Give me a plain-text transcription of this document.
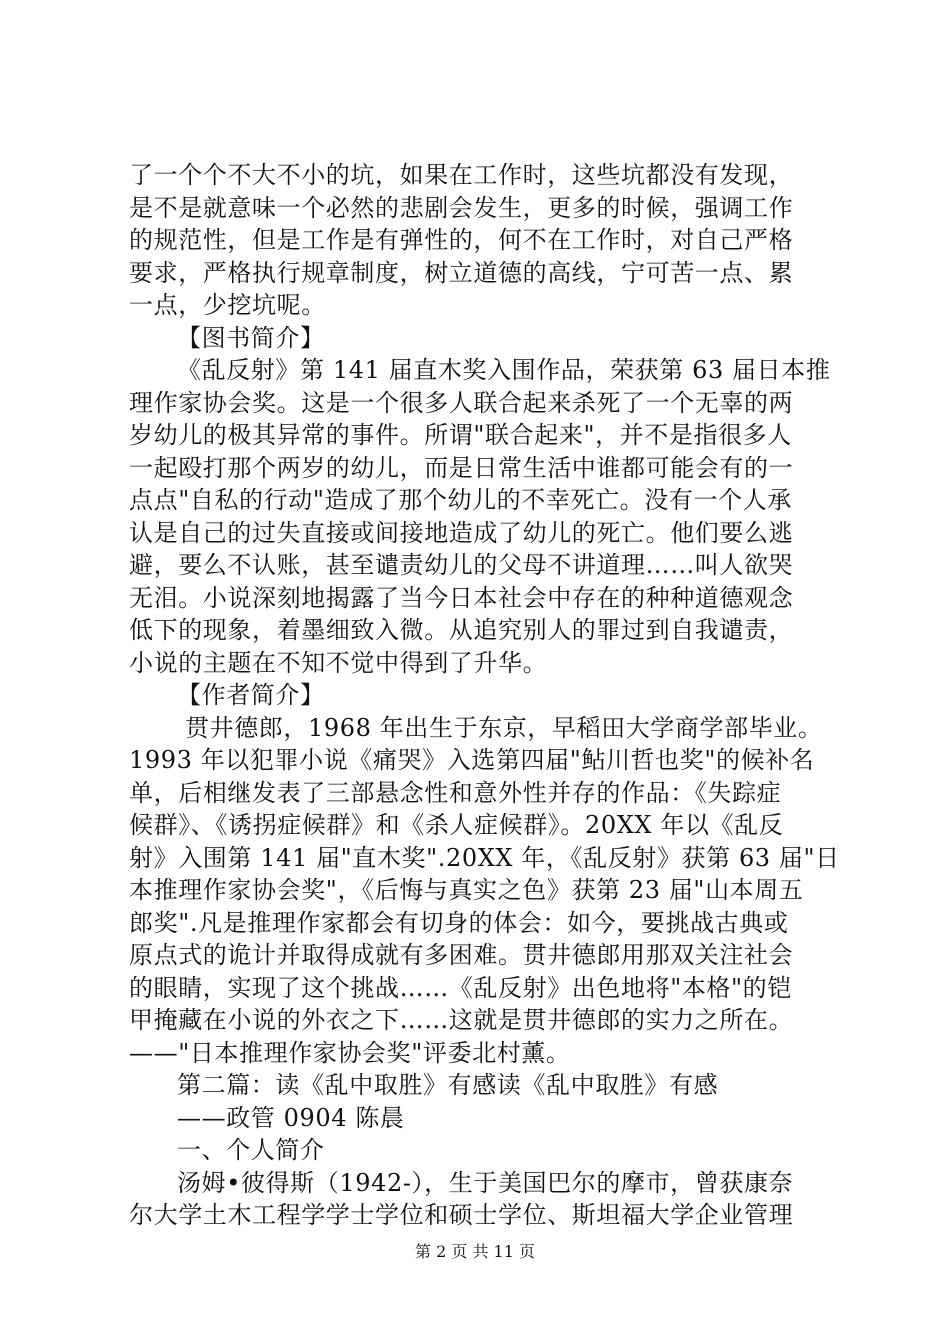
了一个个不大不小的坑，如果在工作时，这些坑都没有发现，
是不是就意味一个必然的悲剧会发生，更多的时候，强调工作
的规范性，但是工作是有弹性的，何不在工作时，对自己严格
要求，严格执行规章制度，树立道德的高线，宁可苦一点、累
一点，少挖坑呢。
【图书简介】
《乱反射》第 141 届直木奖入围作品，荣获第 63 届日本推
理作家协会奖。这是一个很多人联合起来杀死了一个无辜的两
岁幼儿的极其异常的事件。所谓"联合起来"，并不是指很多人
一起殴打那个两岁的幼儿，而是日常生活中谁都可能会有的一
点点"自私的行动"造成了那个幼儿的不幸死亡。没有一个人承
认是自己的过失直接或间接地造成了幼儿的死亡。他们要么逃
避，要么不认账，甚至谴责幼儿的父母不讲道理……叫人欲哭
无泪。小说深刻地揭露了当今日本社会中存在的种种道德观念
低下的现象，着墨细致入微。从追究别人的罪过到自我谴责，
小说的主题在不知不觉中得到了升华。
【作者简介】
贯井德郎，1968 年出生于东京，早稻田大学商学部毕业。
1993 年以犯罪小说《痛哭》入选第四届"鲇川哲也奖"的候补名
单，后相继发表了三部悬念性和意外性并存的作品：《失踪症
候群》、《诱拐症候群》和《杀人症候群》。20XX 年以《乱反
射》入围第 141 届"直木奖".20XX 年，《乱反射》获第 63 届"日
本推理作家协会奖"，《后悔与真实之色》获第 23 届"山本周五
郎奖".凡是推理作家都会有切身的体会：如今，要挑战古典或
原点式的诡计并取得成就有多困难。贯井德郎用那双关注社会
的眼睛，实现了这个挑战……《乱反射》出色地将"本格"的铠
甲掩藏在小说的外衣之下……这就是贯井德郎的实力之所在。
——"日本推理作家协会奖"评委北村薰。
第二篇：读《乱中取胜》有感读《乱中取胜》有感
——政管 0904 陈晨
一、个人简介
汤姆•彼得斯（1942-），生于美国巴尔的摩市，曾获康奈
尔大学土木工程学学士学位和硕士学位、斯坦福大学企业管理
第 2 页 共 11 页
